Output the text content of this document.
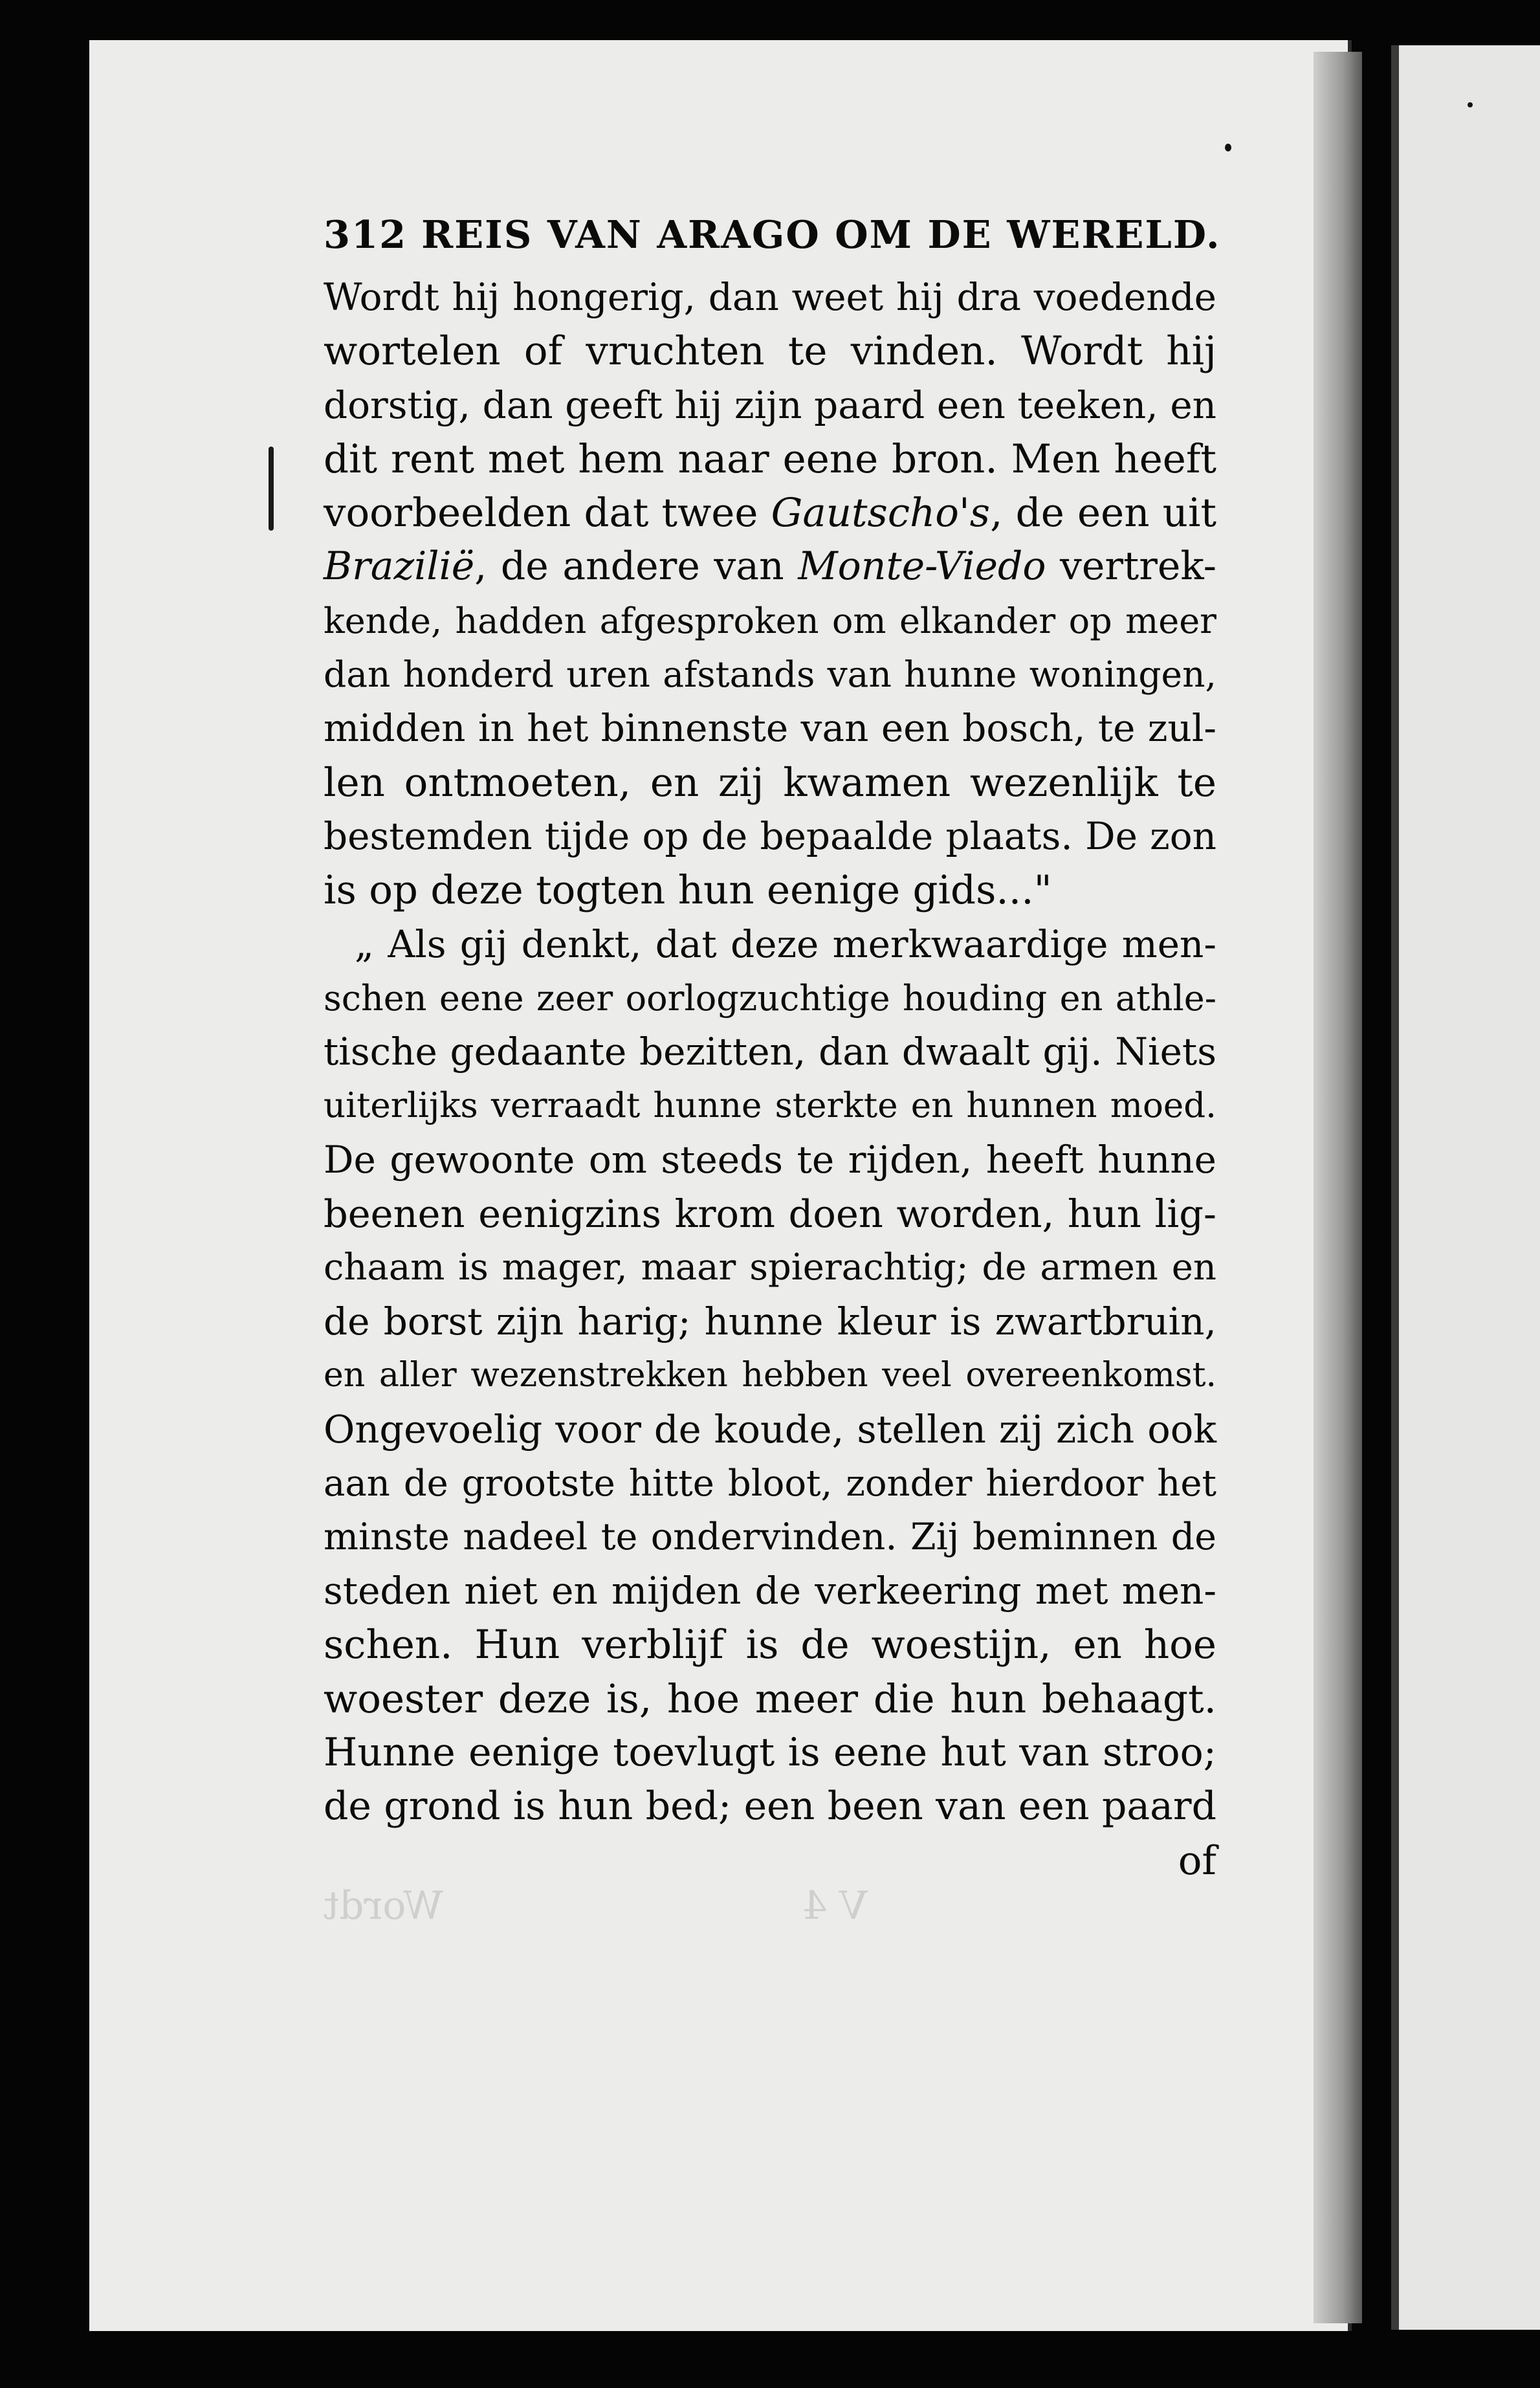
Wordt	V 4
312 REIS VAN ARAGO OM DE WERELD.
Wordt hij hongerig, dan weet hij dra voedende
wortelen of vruchten te vinden. Wordt hij
dorstig, dan geeft hij zijn paard een teeken, en
dit rent met hem naar eene bron. Men heeft
voorbeelden dat twee Gautscho's, de een uit
Braziliё, de andere van Monte-Viedo vertrek-
kende, hadden afgesproken om elkander op meer
dan honderd uren afstands van hunne woningen,
midden in het binnenste van een bosch, te zul-
len ontmoeten, en zij kwamen wezenlijk te
bestemden tijde op de bepaalde plaats. De zon
is op deze togten hun eenige gids..."
„ Als gij denkt, dat deze merkwaardige men-
schen eene zeer oorlogzuchtige houding en athle-
tische gedaante bezitten, dan dwaalt gij. Niets
uiterlijks verraadt hunne sterkte en hunnen moed.
De gewoonte om steeds te rijden, heeft hunne
beenen eenigzins krom doen worden, hun lig-
chaam is mager, maar spierachtig; de armen en
de borst zijn harig; hunne kleur is zwartbruin,
en aller wezenstrekken hebben veel overeenkomst.
Ongevoelig voor de koude, stellen zij zich ook
aan de grootste hitte bloot, zonder hierdoor het
minste nadeel te ondervinden. Zij beminnen de
steden niet en mijden de verkeering met men-
schen. Hun verblijf is de woestijn, en hoe
woester deze is, hoe meer die hun behaagt.
Hunne eenige toevlugt is eene hut van stroo;
de grond is hun bed; een been van een paard
of
